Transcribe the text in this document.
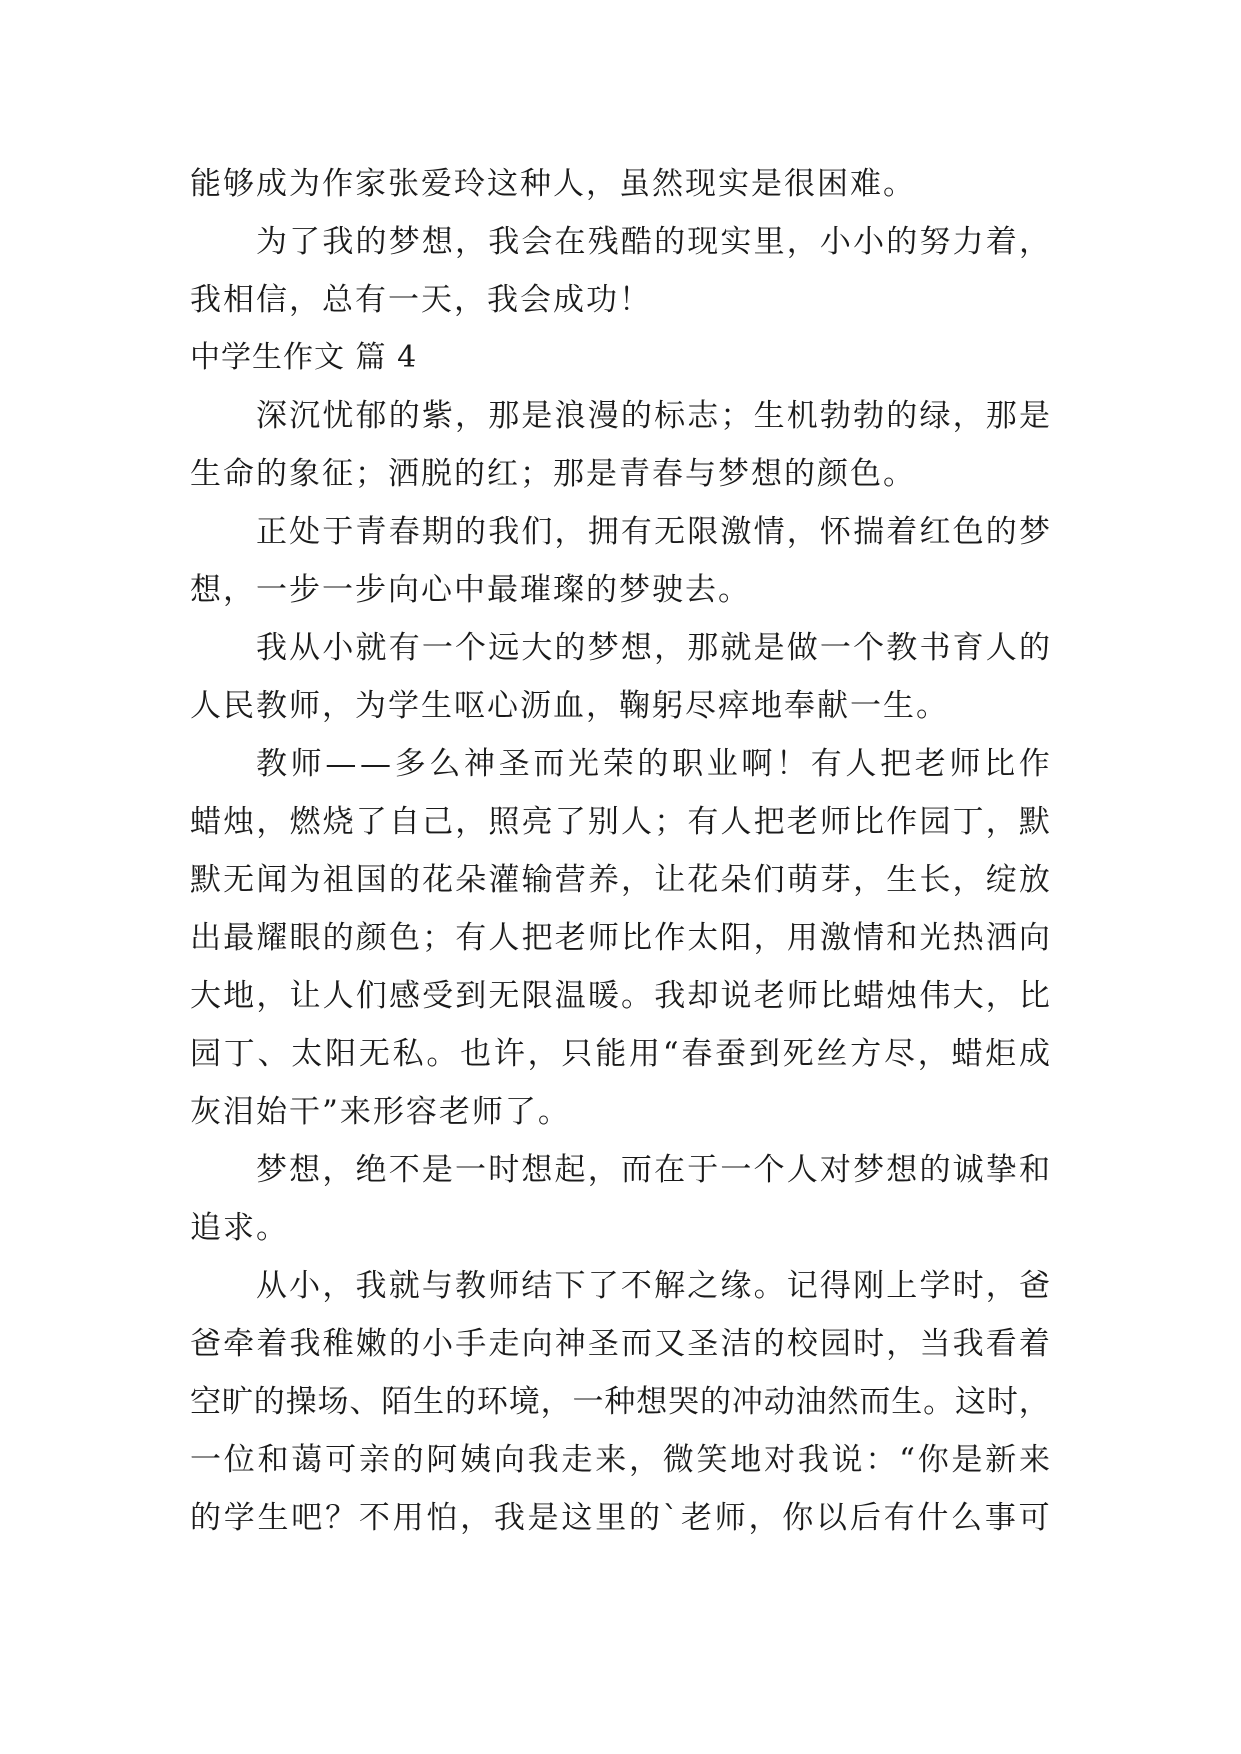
能够成为作家张爱玲这种人，虽然现实是很困难。
为 了 我 的 梦 想 ， 我 会 在 残 酷 的 现 实 里 ， 小 小 的 努 力 着 ，
我相信，总有一天，我会成功！
中学生作文 篇 4
深 沉 忧 郁 的 紫 ， 那 是 浪 漫 的 标 志 ； 生 机 勃 勃 的 绿 ， 那 是
生命的象征；洒脱的红；那是青春与梦想的颜色。
正 处 于 青 春 期 的 我 们 ， 拥 有 无 限 激 情 ， 怀 揣 着 红 色 的 梦
想，一步一步向心中最璀璨的梦驶去。
我 从 小 就 有 一 个 远 大 的 梦 想 ， 那 就 是 做 一 个 教 书 育 人 的
人民教师，为学生呕心沥血，鞠躬尽瘁地奉献一生。
教 师 — — 多 么 神 圣 而 光 荣 的 职 业 啊 ！ 有 人 把 老 师 比 作
蜡 烛 ， 燃 烧 了 自 己 ， 照 亮 了 别 人 ； 有 人 把 老 师 比 作 园 丁 ， 默
默 无 闻 为 祖 国 的 花 朵 灌 输 营 养 ， 让 花 朵 们 萌 芽 ， 生 长 ， 绽 放
出 最 耀 眼 的 颜 色 ； 有 人 把 老 师 比 作 太 阳 ， 用 激 情 和 光 热 洒 向
大 地 ， 让 人 们 感 受 到 无 限 温 暖 。 我 却 说 老 师 比 蜡 烛 伟 大 ， 比
园 丁 、 太 阳 无 私 。 也 许 ， 只 能 用 “ 春 蚕 到 死 丝 方 尽 ， 蜡 炬 成
灰泪始干”来形容老师了。
梦 想 ， 绝 不 是 一 时 想 起 ， 而 在 于 一 个 人 对 梦 想 的 诚 挚 和
追求。
从 小 ， 我 就 与 教 师 结 下 了 不 解 之 缘 。 记 得 刚 上 学 时 ， 爸
爸 牵 着 我 稚 嫩 的 小 手 走 向 神 圣 而 又 圣 洁 的 校 园 时 ， 当 我 看 着
空 旷 的 操 场 、 陌 生 的 环 境 ， 一 种 想 哭 的 冲 动 油 然 而 生 。 这 时 ，
一 位 和 蔼 可 亲 的 阿 姨 向 我 走 来 ， 微 笑 地 对 我 说 ： “ 你 是 新 来
的 学 生 吧 ？ 不 用 怕 ， 我 是 这 里 的 ` 老 师 ， 你 以 后 有 什 么 事 可
